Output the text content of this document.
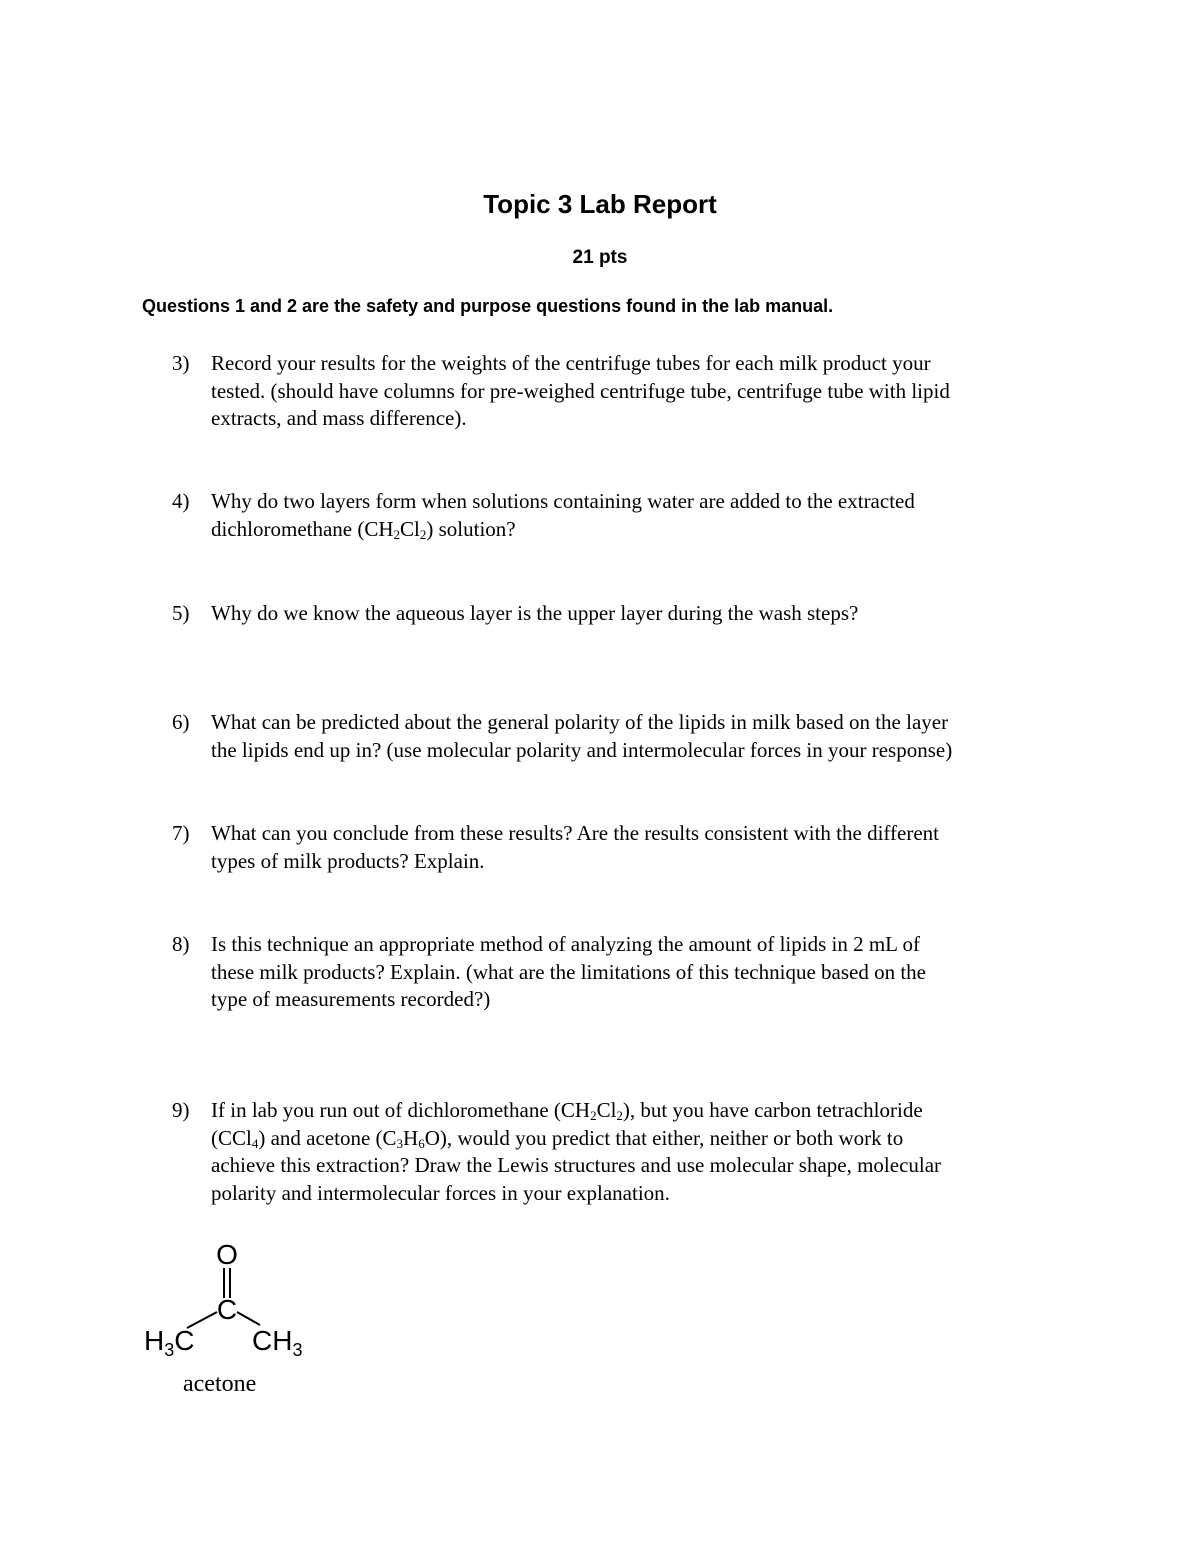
Topic 3 Lab Report
21 pts
Questions 1 and 2 are the safety and purpose questions found in the lab manual.
3) Record your results for the weights of the centrifuge tubes for each milk product your
tested. (should have columns for pre-weighed centrifuge tube, centrifuge tube with lipid
extracts, and mass difference).
4) Why do two layers form when solutions containing water are added to the extracted
dichloromethane $(CH_2Cl_2)$ solution?
5) Why do we know the aqueous layer is the upper layer during the wash steps?
6) What can be predicted about the general polarity of the lipids in milk based on the layer
the lipids end up in? (use molecular polarity and intermolecular forces in your response)
7) What can you conclude from these results? Are the results consistent with the different
types of milk products? Explain.
8) Is this technique an appropriate method of analyzing the amount of lipids in 2 mL of
these milk products? Explain. (what are the limitations of this technique based on the
type of measurements recorded?)
9) If in lab you run out of dichloromethane $(CH_2Cl_2)$, but you have carbon tetrachloride
(CCl$_4$) and acetone $(C_3H_6O)$, would you predict that either, neither or both work to
achieve this extraction? Draw the Lewis structures and use molecular shape, molecular
polarity and intermolecular forces in your explanation.
O
C
$H_3C$ $CH_3$
acetone
